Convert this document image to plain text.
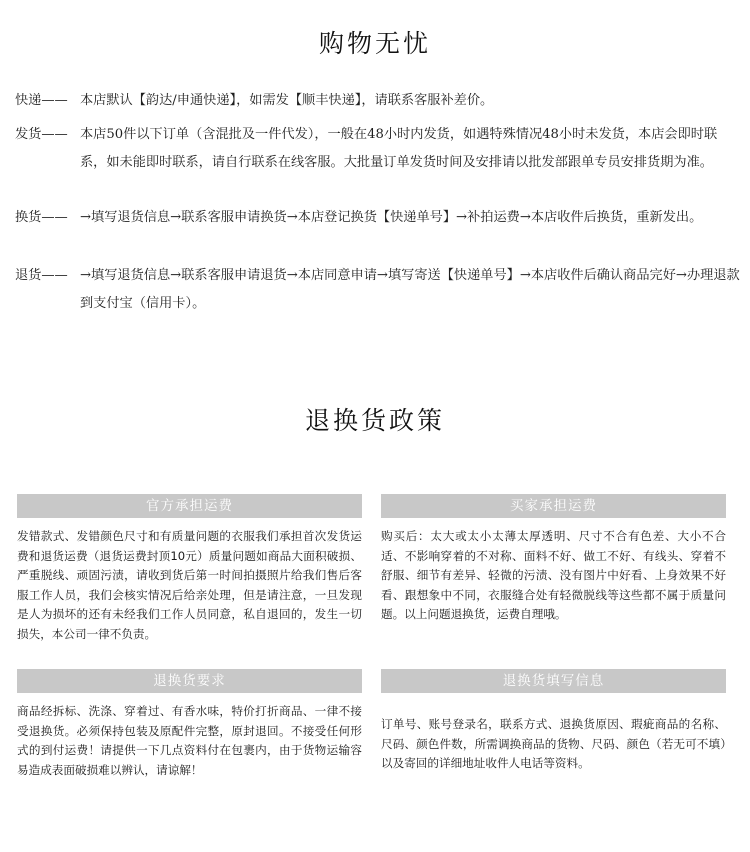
购物无忧
快递—— 本店默认【韵达/申通快递】，如需发【顺丰快递】，请联系客服补差价。
发货—— 本店50件以下订单（含混批及一件代发），一般在48小时内发货，如遇特殊情况48小时未发货，本店会即时联系，如未能即时联系，请自行联系在线客服。大批量订单发货时间及安排请以批发部跟单专员安排货期为准。
换货—— →填写退货信息→联系客服申请换货→本店登记换货【快递单号】→补拍运费→本店收件后换货，重新发出。
退货—— →填写退货信息→联系客服申请退货→本店同意申请→填写寄送【快递单号】→本店收件后确认商品完好→办理退款到支付宝（信用卡）。
退换货政策
官方承担运费
发错款式、发错颜色尺寸和有质量问题的衣服我们承担首次发货运费和退货运费（退货运费封顶10元）质量问题如商品大面积破损、严重脱线、顽固污渍，请收到货后第一时间拍摄照片给我们售后客服工作人员，我们会核实情况后给亲处理，但是请注意，一旦发现是人为损坏的还有未经我们工作人员同意，私自退回的，发生一切损失，本公司一律不负责。
买家承担运费
购买后：太大或太小太薄太厚透明、尺寸不合有色差、大小不合适、不影响穿着的不对称、面料不好、做工不好、有线头、穿着不舒服、细节有差异、轻微的污渍、没有图片中好看、上身效果不好看、跟想象中不同，衣服缝合处有轻微脱线等这些都不属于质量问题。以上问题退换货，运费自理哦。
退换货要求
商品经拆标、洗涤、穿着过、有香水味，特价打折商品、一律不接受退换货。必须保持包装及原配件完整，原封退回。不接受任何形式的到付运费！请提供一下几点资料付在包裹内，由于货物运输容易造成表面破损难以辨认，请谅解！
退换货填写信息
订单号、账号登录名，联系方式、退换货原因、瑕疵商品的名称、尺码、颜色件数，所需调换商品的货物、尺码、颜色（若无可不填）以及寄回的详细地址收件人电话等资料。
